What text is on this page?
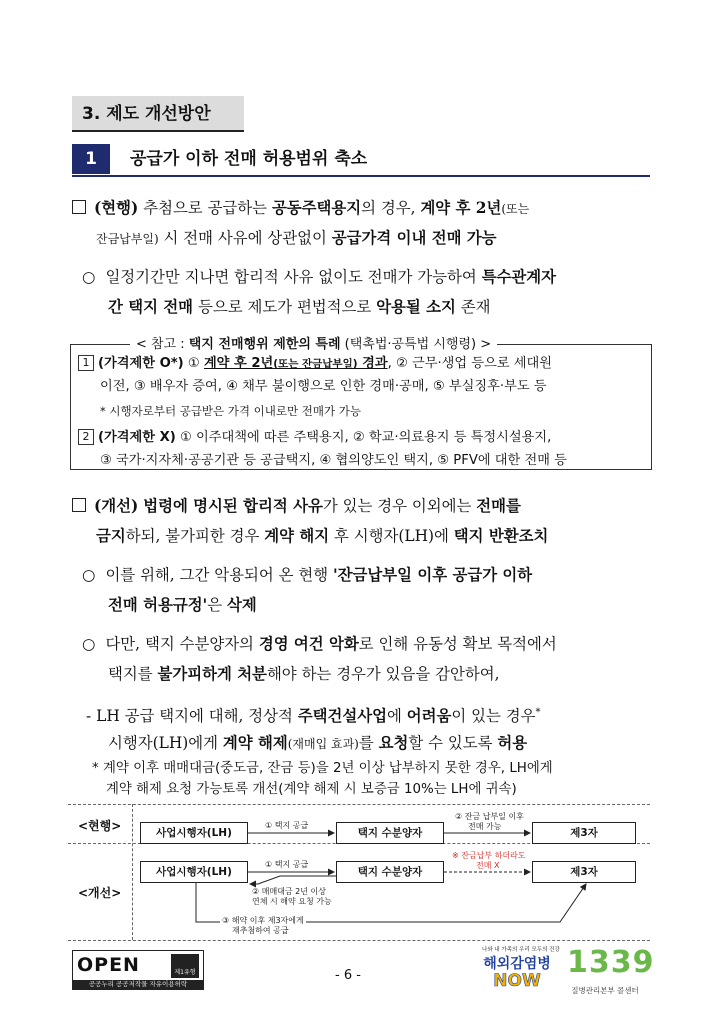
3. 제도 개선방안
1	공급가 이하 전매 허용범위 축소
(현행) 추첨으로 공급하는 공동주택용지의 경우, 계약 후 2년(또는
잔금납부일) 시 전매 사유에 상관없이 공급가격 이내 전매 가능
○ 일정기간만 지나면 합리적 사유 없이도 전매가 가능하여 특수관계자
간 택지 전매 등으로 제도가 편법적으로 악용될 소지 존재
< 참고 : 택지 전매행위 제한의 특례 (택촉법·공특법 시행령) >
1 (가격제한 O*) ① 계약 후 2년(또는 잔금납부일) 경과, ② 근무·생업 등으로 세대원
이전, ③ 배우자 증여, ④ 채무 불이행으로 인한 경매·공매, ⑤ 부실징후·부도 등
* 시행자로부터 공급받은 가격 이내로만 전매가 가능
2 (가격제한 X) ① 이주대책에 따른 주택용지, ② 학교·의료용지 등 특정시설용지,
③ 국가·지자체·공공기관 등 공급택지, ④ 협의양도인 택지, ⑤ PFV에 대한 전매 등
(개선) 법령에 명시된 합리적 사유가 있는 경우 이외에는 전매를
금지하되, 불가피한 경우 계약 해지 후 시행자(LH)에 택지 반환조치
○ 이를 위해, 그간 악용되어 온 현행 '잔금납부일 이후 공급가 이하
전매 허용규정'은 삭제
○ 다만, 택지 수분양자의 경영 여건 악화로 인해 유동성 확보 목적에서
택지를 불가피하게 처분해야 하는 경우가 있음을 감안하여,
- LH 공급 택지에 대해, 정상적 주택건설사업에 어려움이 있는 경우*
시행자(LH)에게 계약 해제(재매입 효과)를 요청할 수 있도록 허용
* 계약 이후 매매대금(중도금, 잔금 등)을 2년 이상 납부하지 못한 경우, LH에게
계약 해제 요청 가능토록 개선(계약 해제 시 보증금 10%는 LH에 귀속)
<현행>
<개선>
사업시행자(LH)	택지 수분양자	제3자
사업시행자(LH)	택지 수분양자	제3자
① 택지 공급
② 잔금 납부일 이후
전매 가능
① 택지 공급
※ 잔금납부 하더라도
전매 X
② 매매대금 2년 이상
연체 시 해약 요청 가능
③ 해약 이후 제3자에게
재추첨하여 공급
OPEN	제1유형
공공누리 공공저작물 자유이용허락
- 6 -
나와 내 가족의 우리 모두의 건강
해외감염병
NOW
1339
질병관리본부 콜센터
